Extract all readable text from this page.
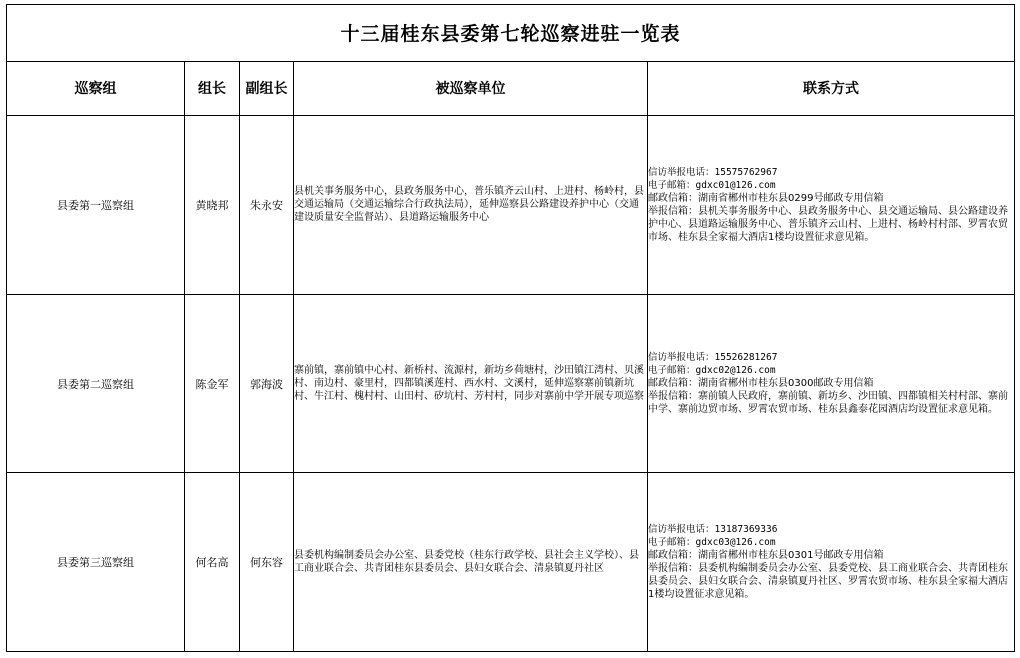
十三届桂东县委第七轮巡察进驻一览表				
巡察组	组长	副组长	被巡察单位	联系方式
县委第一巡察组	黄晓邦	朱永安	县机关事务服务中心，县政务服务中心，普乐镇齐云山村、上进村、杨岭村，县交通运输局（交通运输综合行政执法局），延伸巡察县公路建设养护中心（交通建设质量安全监督站）、县道路运输服务中心	信访举报电话：15575762967
电子邮箱：gdxc01@126.com
邮政信箱：湖南省郴州市桂东县0299号邮政专用信箱
举报信箱：县机关事务服务中心、县政务服务中心、县交通运输局、县公路建设养护中心、县道路运输服务中心、普乐镇齐云山村、上进村、杨岭村村部、罗霄农贸市场、桂东县全家福大酒店1楼均设置征求意见箱。

县委第二巡察组	陈金军	郭海波	寨前镇，寨前镇中心村、新桥村、流源村，新坊乡荷塘村，沙田镇江湾村、贝溪村、南边村、豪里村，四都镇溪莲村、西水村、文溪村，延伸巡察寨前镇新坑村、牛江村、槐村村、山田村、矽坑村、芳村村，同步对寨前中学开展专项巡察	信访举报电话：15526281267
电子邮箱：gdxc02@126.com
邮政信箱：湖南省郴州市桂东县0300邮政专用信箱
举报信箱：寨前镇人民政府，寨前镇、新坊乡、沙田镇、四都镇相关村村部、寨前中学、寨前边贸市场、罗霄农贸市场、桂东县鑫泰花园酒店均设置征求意见箱。

县委第三巡察组	何名高	何东容	县委机构编制委员会办公室、县委党校（桂东行政学校、县社会主义学校）、县工商业联合会、共青团桂东县委员会、县妇女联合会、清泉镇夏丹社区	信访举报电话：13187369336
电子邮箱：gdxc03@126.com
邮政信箱：湖南省郴州市桂东县0301号邮政专用信箱
举报信箱：县委机构编制委员会办公室、县委党校、县工商业联合会、共青团桂东县委员会、县妇女联合会、清泉镇夏丹社区、罗霄农贸市场、桂东县全家福大酒店1楼均设置征求意见箱。
